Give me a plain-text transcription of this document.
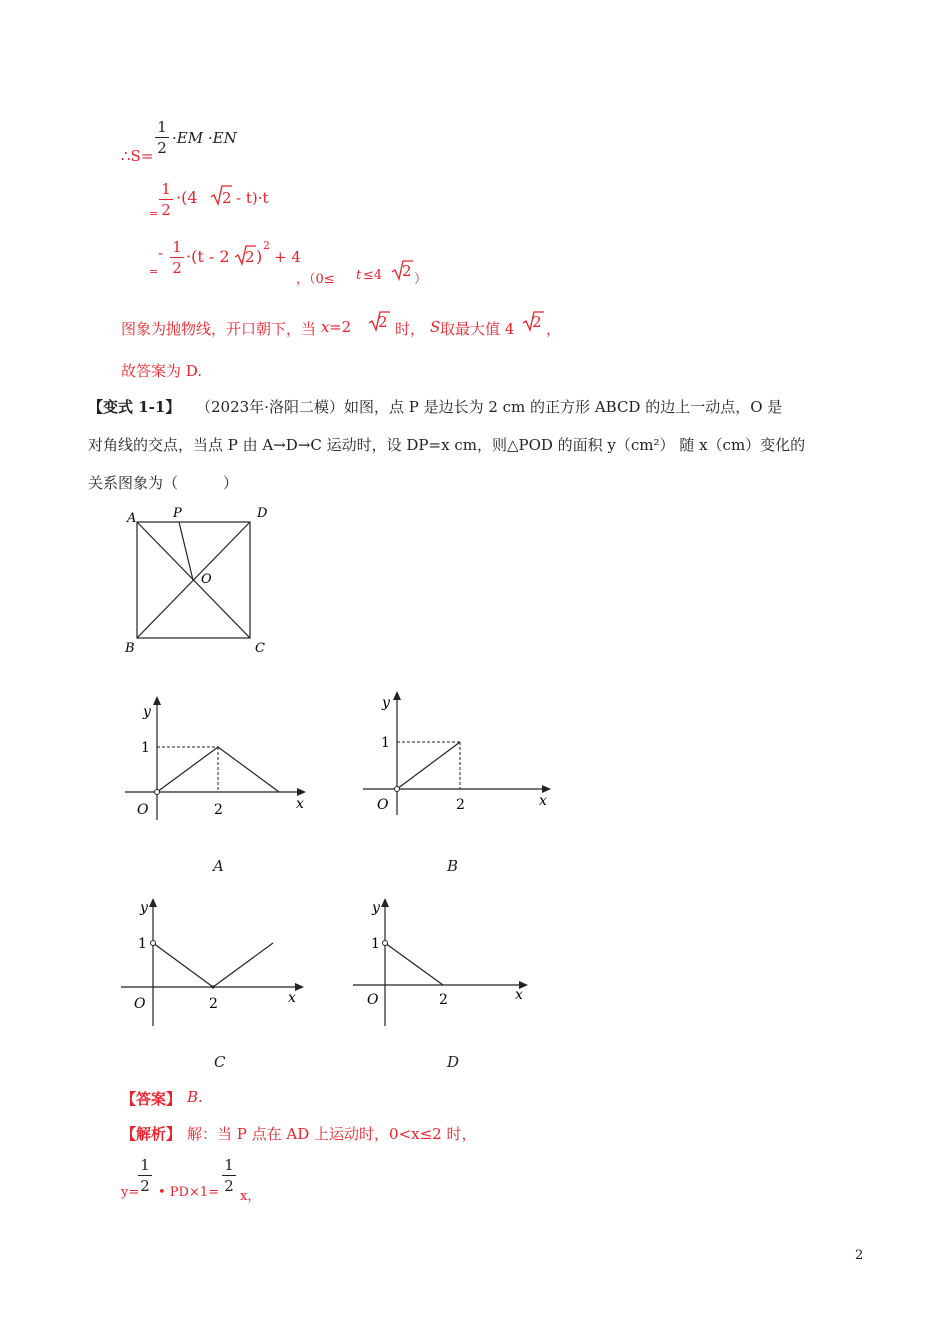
∴S=
1
2
·EM ·EN
=
1
2
·(4 2 - t)·t
=
- 1
2
·(t - 2 2 )
2
+ 4
，（0≤ t ≤4 2 ）
图象为抛物线，开口朝下，当 x =2 2 时， S 取最大值 4 2 ，
故答案为 D.
【变式 1-1】 （2023年·洛阳二模）如图，点 P 是边长为 2 cm 的正方形 ABCD 的边上一动点，O 是
对角线的交点，当点 P 由 A→D→C 运动时，设 DP=x cm，则△POD 的面积 y（cm²） 随 x（cm）变化的
关系图象为（　　　）
A	P	D
O
B	C
y
x
O
1
2
A
y
x
O
1
2
B
y
x
O
1
2
C
y
x
O
1
2
D
【答案】 B.
【解析】 解：当 P 点在 AD 上运动时，0<x≤2 时，
y=
1
2 • PD×1=
1
2
x，
2
